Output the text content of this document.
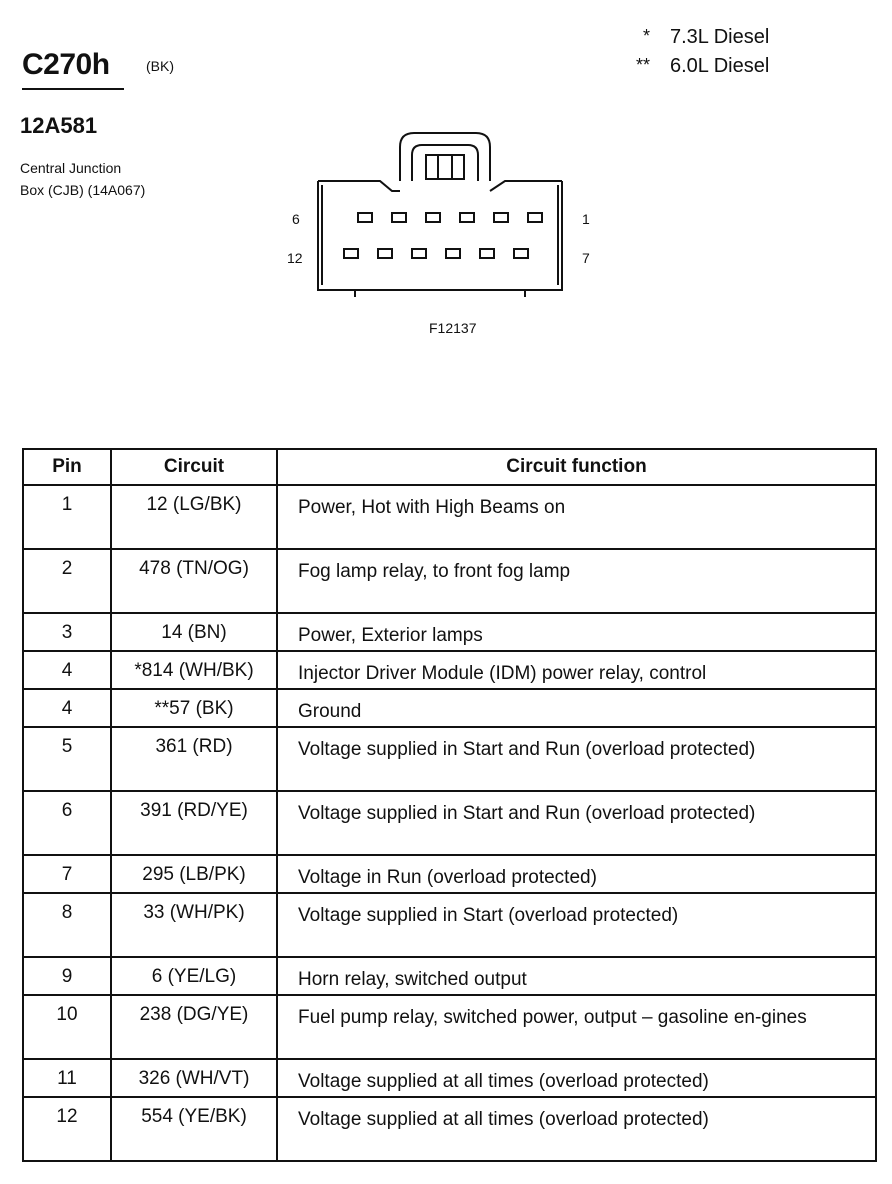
C270h	(BK)
12A581
Central Junction
Box (CJB) (14A067)
* 7.3L Diesel
** 6.0L Diesel
6
12
1
7
F12137
Pin	Circuit	Circuit function
1	12 (LG/BK)	Power, Hot with High Beams on
2	478 (TN/OG)	Fog lamp relay, to front fog lamp
3	14 (BN)	Power, Exterior lamps
4	*814 (WH/BK)	Injector Driver Module (IDM) power relay, control
4	**57 (BK)	Ground
5	361 (RD)	Voltage supplied in Start and Run (overload protected)
6	391 (RD/YE)	Voltage supplied in Start and Run (overload protected)
7	295 (LB/PK)	Voltage in Run (overload protected)
8	33 (WH/PK)	Voltage supplied in Start (overload protected)
9	6 (YE/LG)	Horn relay, switched output
10	238 (DG/YE)	Fuel pump relay, switched power, output – gasoline en-gines
11	326 (WH/VT)	Voltage supplied at all times (overload protected)
12	554 (YE/BK)	Voltage supplied at all times (overload protected)
